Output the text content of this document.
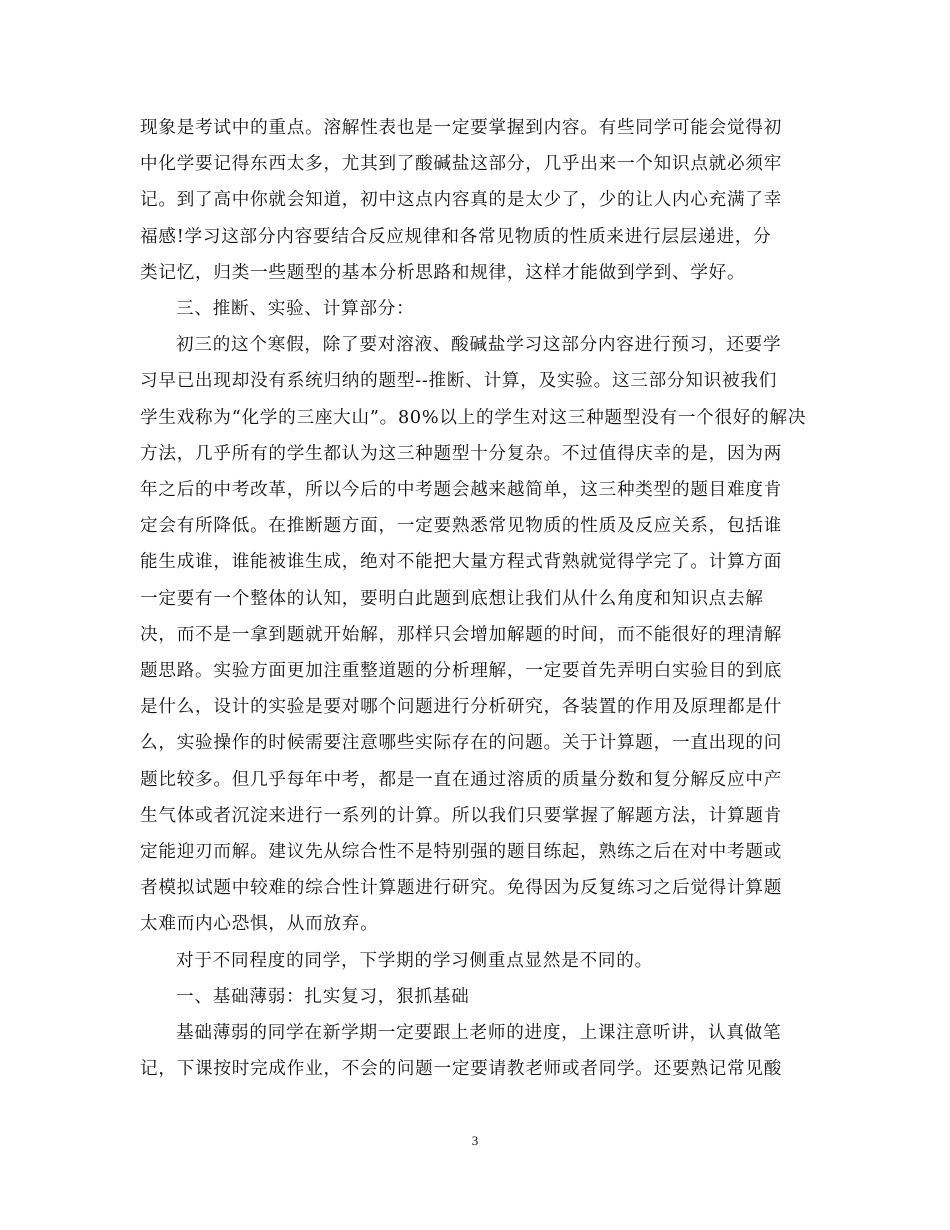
现象是考试中的重点。溶解性表也是一定要掌握到内容。有些同学可能会觉得初
中化学要记得东西太多，尤其到了酸碱盐这部分，几乎出来一个知识点就必须牢
记。到了高中你就会知道，初中这点内容真的是太少了，少的让人内心充满了幸
福感!学习这部分内容要结合反应规律和各常见物质的性质来进行层层递进，分
类记忆，归类一些题型的基本分析思路和规律，这样才能做到学到、学好。
三、推断、实验、计算部分：
初三的这个寒假，除了要对溶液、酸碱盐学习这部分内容进行预习，还要学
习早已出现却没有系统归纳的题型--推断、计算，及实验。这三部分知识被我们
学生戏称为“化学的三座大山”。80%以上的学生对这三种题型没有一个很好的解决
方法，几乎所有的学生都认为这三种题型十分复杂。不过值得庆幸的是，因为两
年之后的中考改革，所以今后的中考题会越来越简单，这三种类型的题目难度肯
定会有所降低。在推断题方面，一定要熟悉常见物质的性质及反应关系，包括谁
能生成谁，谁能被谁生成，绝对不能把大量方程式背熟就觉得学完了。计算方面
一定要有一个整体的认知，要明白此题到底想让我们从什么角度和知识点去解
决，而不是一拿到题就开始解，那样只会增加解题的时间，而不能很好的理清解
题思路。实验方面更加注重整道题的分析理解，一定要首先弄明白实验目的到底
是什么，设计的实验是要对哪个问题进行分析研究，各装置的作用及原理都是什
么，实验操作的时候需要注意哪些实际存在的问题。关于计算题，一直出现的问
题比较多。但几乎每年中考，都是一直在通过溶质的质量分数和复分解反应中产
生气体或者沉淀来进行一系列的计算。所以我们只要掌握了解题方法，计算题肯
定能迎刃而解。建议先从综合性不是特别强的题目练起，熟练之后在对中考题或
者模拟试题中较难的综合性计算题进行研究。免得因为反复练习之后觉得计算题
太难而内心恐惧，从而放弃。
对于不同程度的同学，下学期的学习侧重点显然是不同的。
一、基础薄弱：扎实复习，狠抓基础
基础薄弱的同学在新学期一定要跟上老师的进度，上课注意听讲，认真做笔
记，下课按时完成作业，不会的问题一定要请教老师或者同学。还要熟记常见酸
3
